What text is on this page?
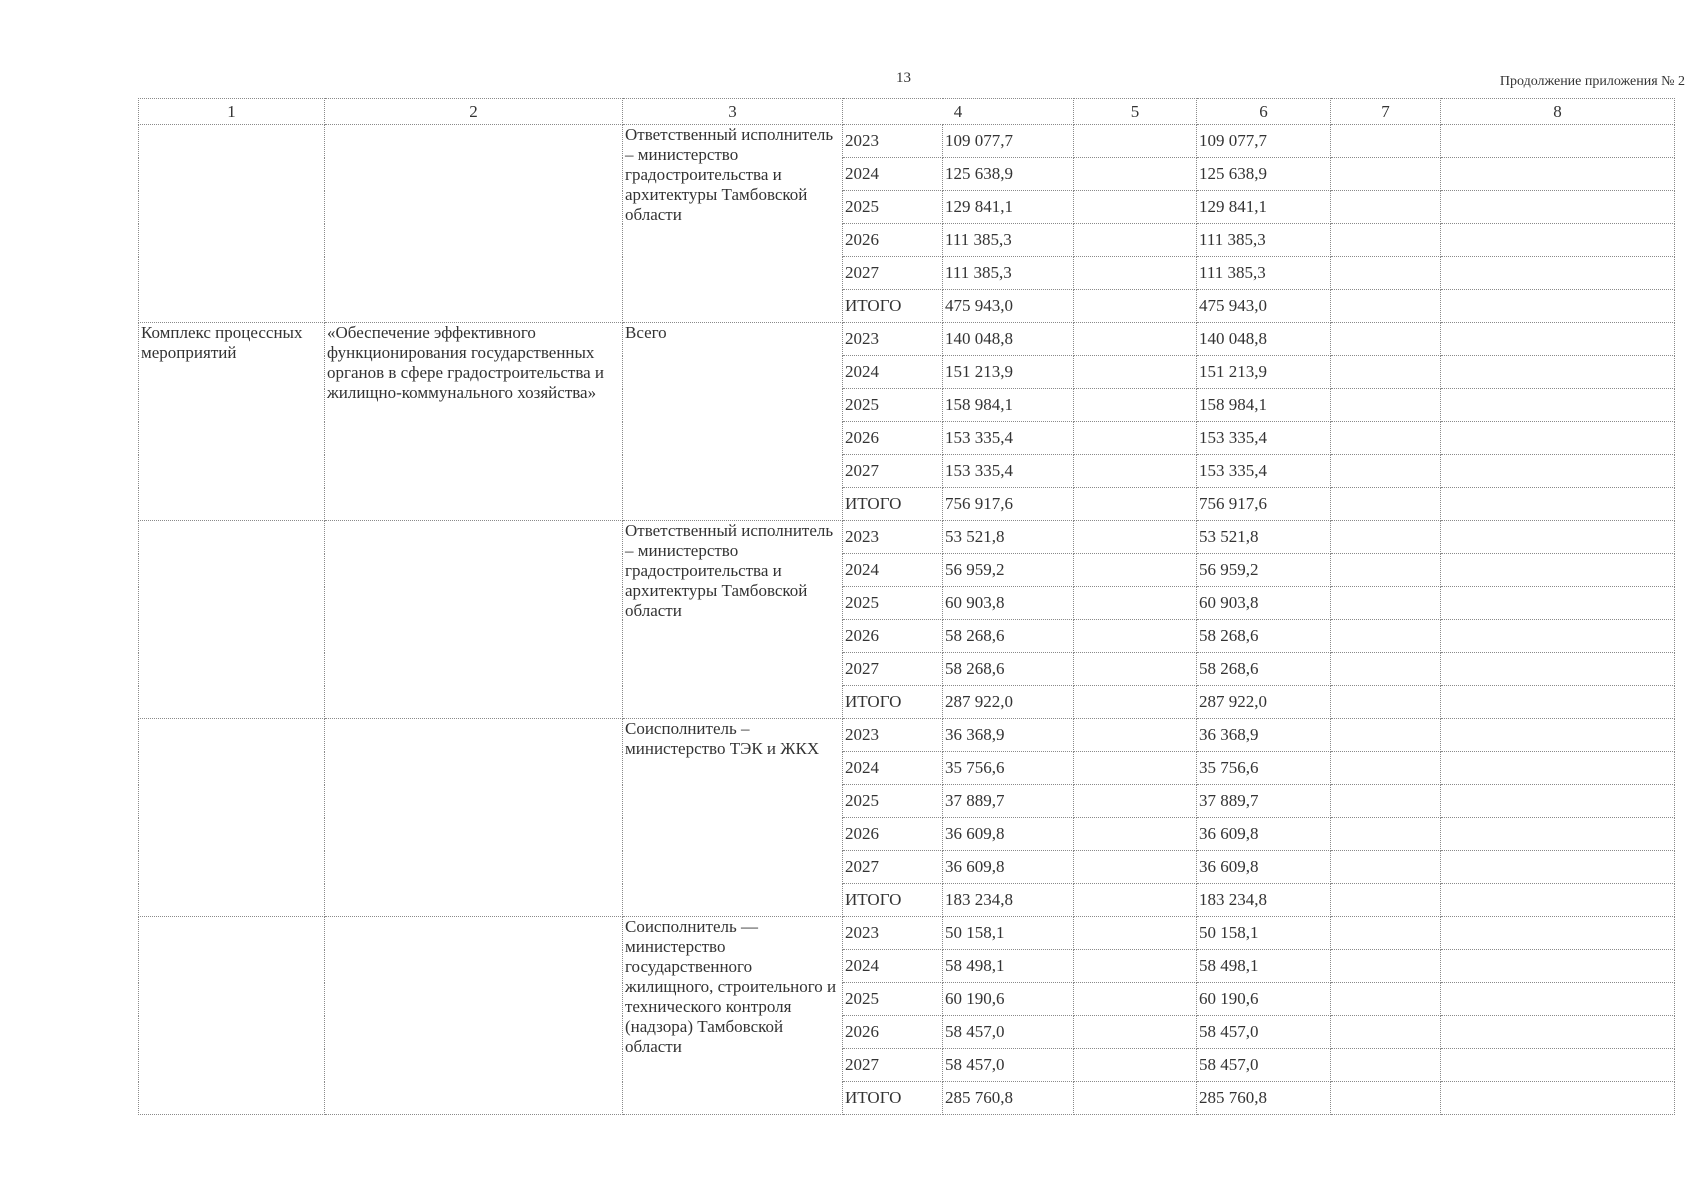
13	Продолжение приложения № 2
1	2	3	4		5	6	7	8
		Ответственный исполнитель – министерство градостроительства и архитектуры Тамбовской области	2023	109 077,7		109 077,7		
			2024	125 638,9		125 638,9		
			2025	129 841,1		129 841,1		
			2026	111 385,3		111 385,3		
			2027	111 385,3		111 385,3		
			ИТОГО	475 943,0		475 943,0		
Комплекс процессных мероприятий	«Обеспечение эффективного функционирования государственных органов в сфере градостроительства и жилищно-коммунального хозяйства»	Всего	2023	140 048,8		140 048,8		
			2024	151 213,9		151 213,9		
			2025	158 984,1		158 984,1		
			2026	153 335,4		153 335,4		
			2027	153 335,4		153 335,4		
			ИТОГО	756 917,6		756 917,6		
		Ответственный исполнитель – министерство градостроительства и архитектуры Тамбовской области	2023	53 521,8		53 521,8		
			2024	56 959,2		56 959,2		
			2025	60 903,8		60 903,8		
			2026	58 268,6		58 268,6		
			2027	58 268,6		58 268,6		
			ИТОГО	287 922,0		287 922,0		
		Соисполнитель – министерство ТЭК и ЖКХ	2023	36 368,9		36 368,9		
			2024	35 756,6		35 756,6		
			2025	37 889,7		37 889,7		
			2026	36 609,8		36 609,8		
			2027	36 609,8		36 609,8		
			ИТОГО	183 234,8		183 234,8		
		Соисполнитель — министерство государственного жилищного, строительного и технического контроля (надзора) Тамбовской области	2023	50 158,1		50 158,1		
			2024	58 498,1		58 498,1		
			2025	60 190,6		60 190,6		
			2026	58 457,0		58 457,0		
			2027	58 457,0		58 457,0		
			ИТОГО	285 760,8		285 760,8		
